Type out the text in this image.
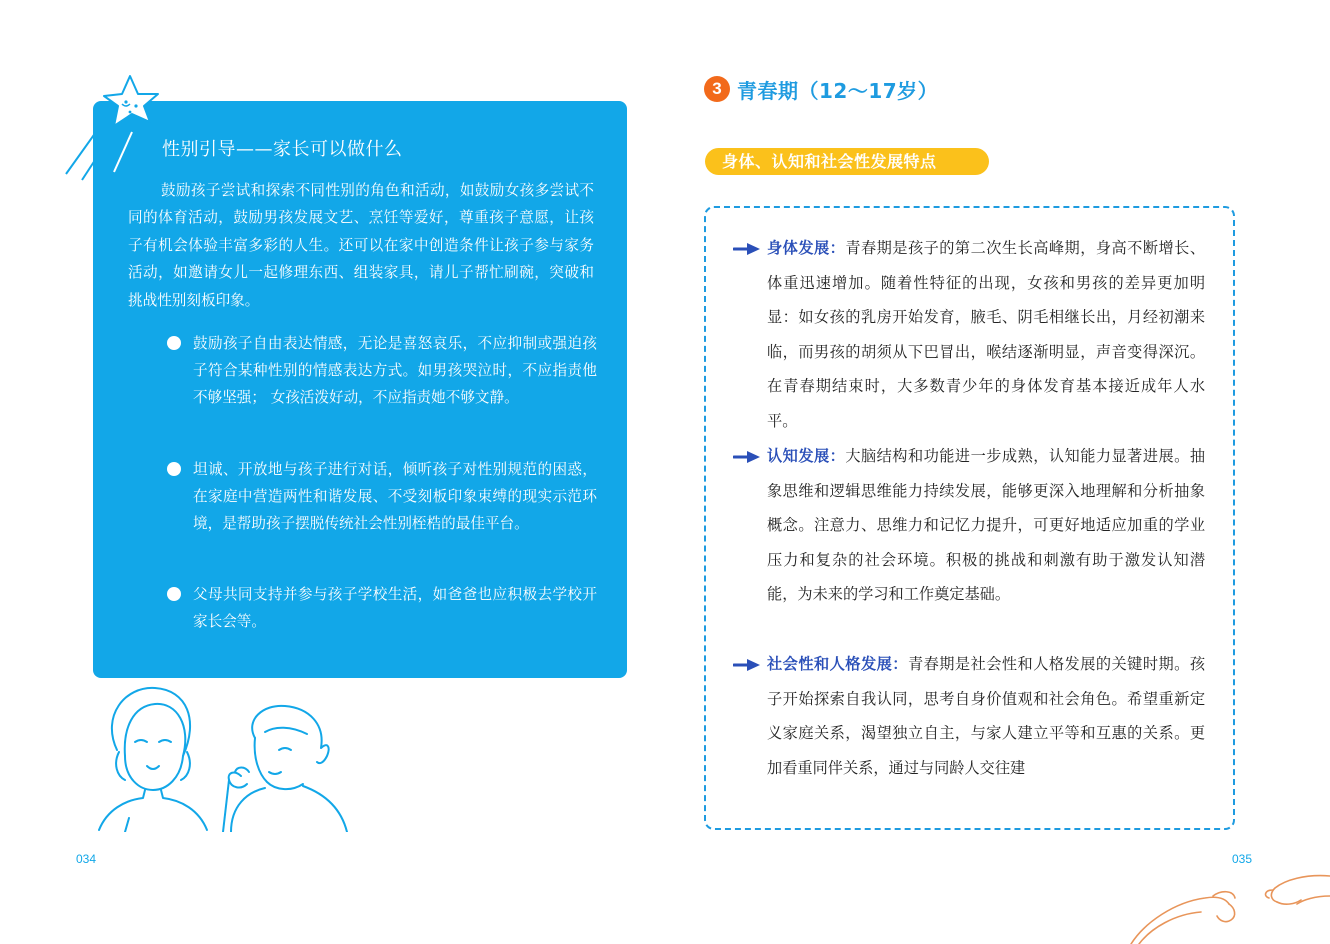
性别引导——家长可以做什么
鼓励孩子尝试和探索不同性别的角色和活动，如鼓励女孩多尝试不同的体育活动，鼓励男孩发展文艺、烹饪等爱好，尊重孩子意愿，让孩子有机会体验丰富多彩的人生。还可以在家中创造条件让孩子参与家务活动，如邀请女儿一起修理东西、组装家具，请儿子帮忙刷碗，突破和挑战性别刻板印象。
鼓励孩子自由表达情感，无论是喜怒哀乐，不应抑制或强迫孩子符合某种性别的情感表达方式。如男孩哭泣时，不应指责他不够坚强； 女孩活泼好动，不应指责她不够文静。
坦诚、开放地与孩子进行对话，倾听孩子对性别规范的困惑，在家庭中营造两性和谐发展、不受刻板印象束缚的现实示范环境，是帮助孩子摆脱传统社会性别桎梏的最佳平台。
父母共同支持并参与孩子学校生活，如爸爸也应积极去学校开家长会等。
034
3 青春期（12～17岁）
身体、认知和社会性发展特点
身体发展：青春期是孩子的第二次生长高峰期，身高不断增长、体重迅速增加。随着性特征的出现，女孩和男孩的差异更加明显：如女孩的乳房开始发育，腋毛、阴毛相继长出，月经初潮来临，而男孩的胡须从下巴冒出，喉结逐渐明显，声音变得深沉。在青春期结束时，大多数青少年的身体发育基本接近成年人水平。
认知发展：大脑结构和功能进一步成熟，认知能力显著进展。抽象思维和逻辑思维能力持续发展，能够更深入地理解和分析抽象概念。注意力、思维力和记忆力提升，可更好地适应加重的学业压力和复杂的社会环境。积极的挑战和刺激有助于激发认知潜能，为未来的学习和工作奠定基础。
社会性和人格发展：青春期是社会性和人格发展的关键时期。孩子开始探索自我认同，思考自身价值观和社会角色。希望重新定义家庭关系，渴望独立自主，与家人建立平等和互惠的关系。更加看重同伴关系，通过与同龄人交往建
035
